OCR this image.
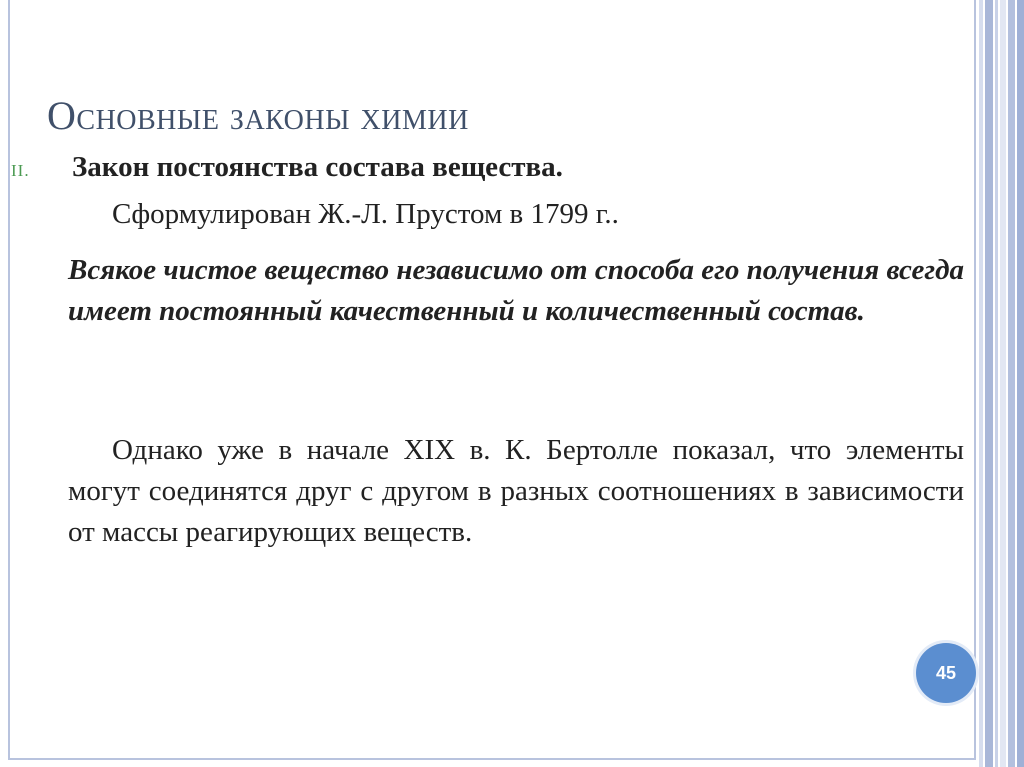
Основные законы химии
II. Закон постоянства состава вещества.
Сформулирован Ж.-Л. Прустом в 1799 г..
Всякое чистое вещество независимо от способа его получения всегда имеет постоянный качественный и количественный состав.
Однако уже в начале XIX в. К. Бертолле показал, что элементы могут соединятся друг с другом в разных соотношениях в зависимости от массы реагирующих веществ.
45
